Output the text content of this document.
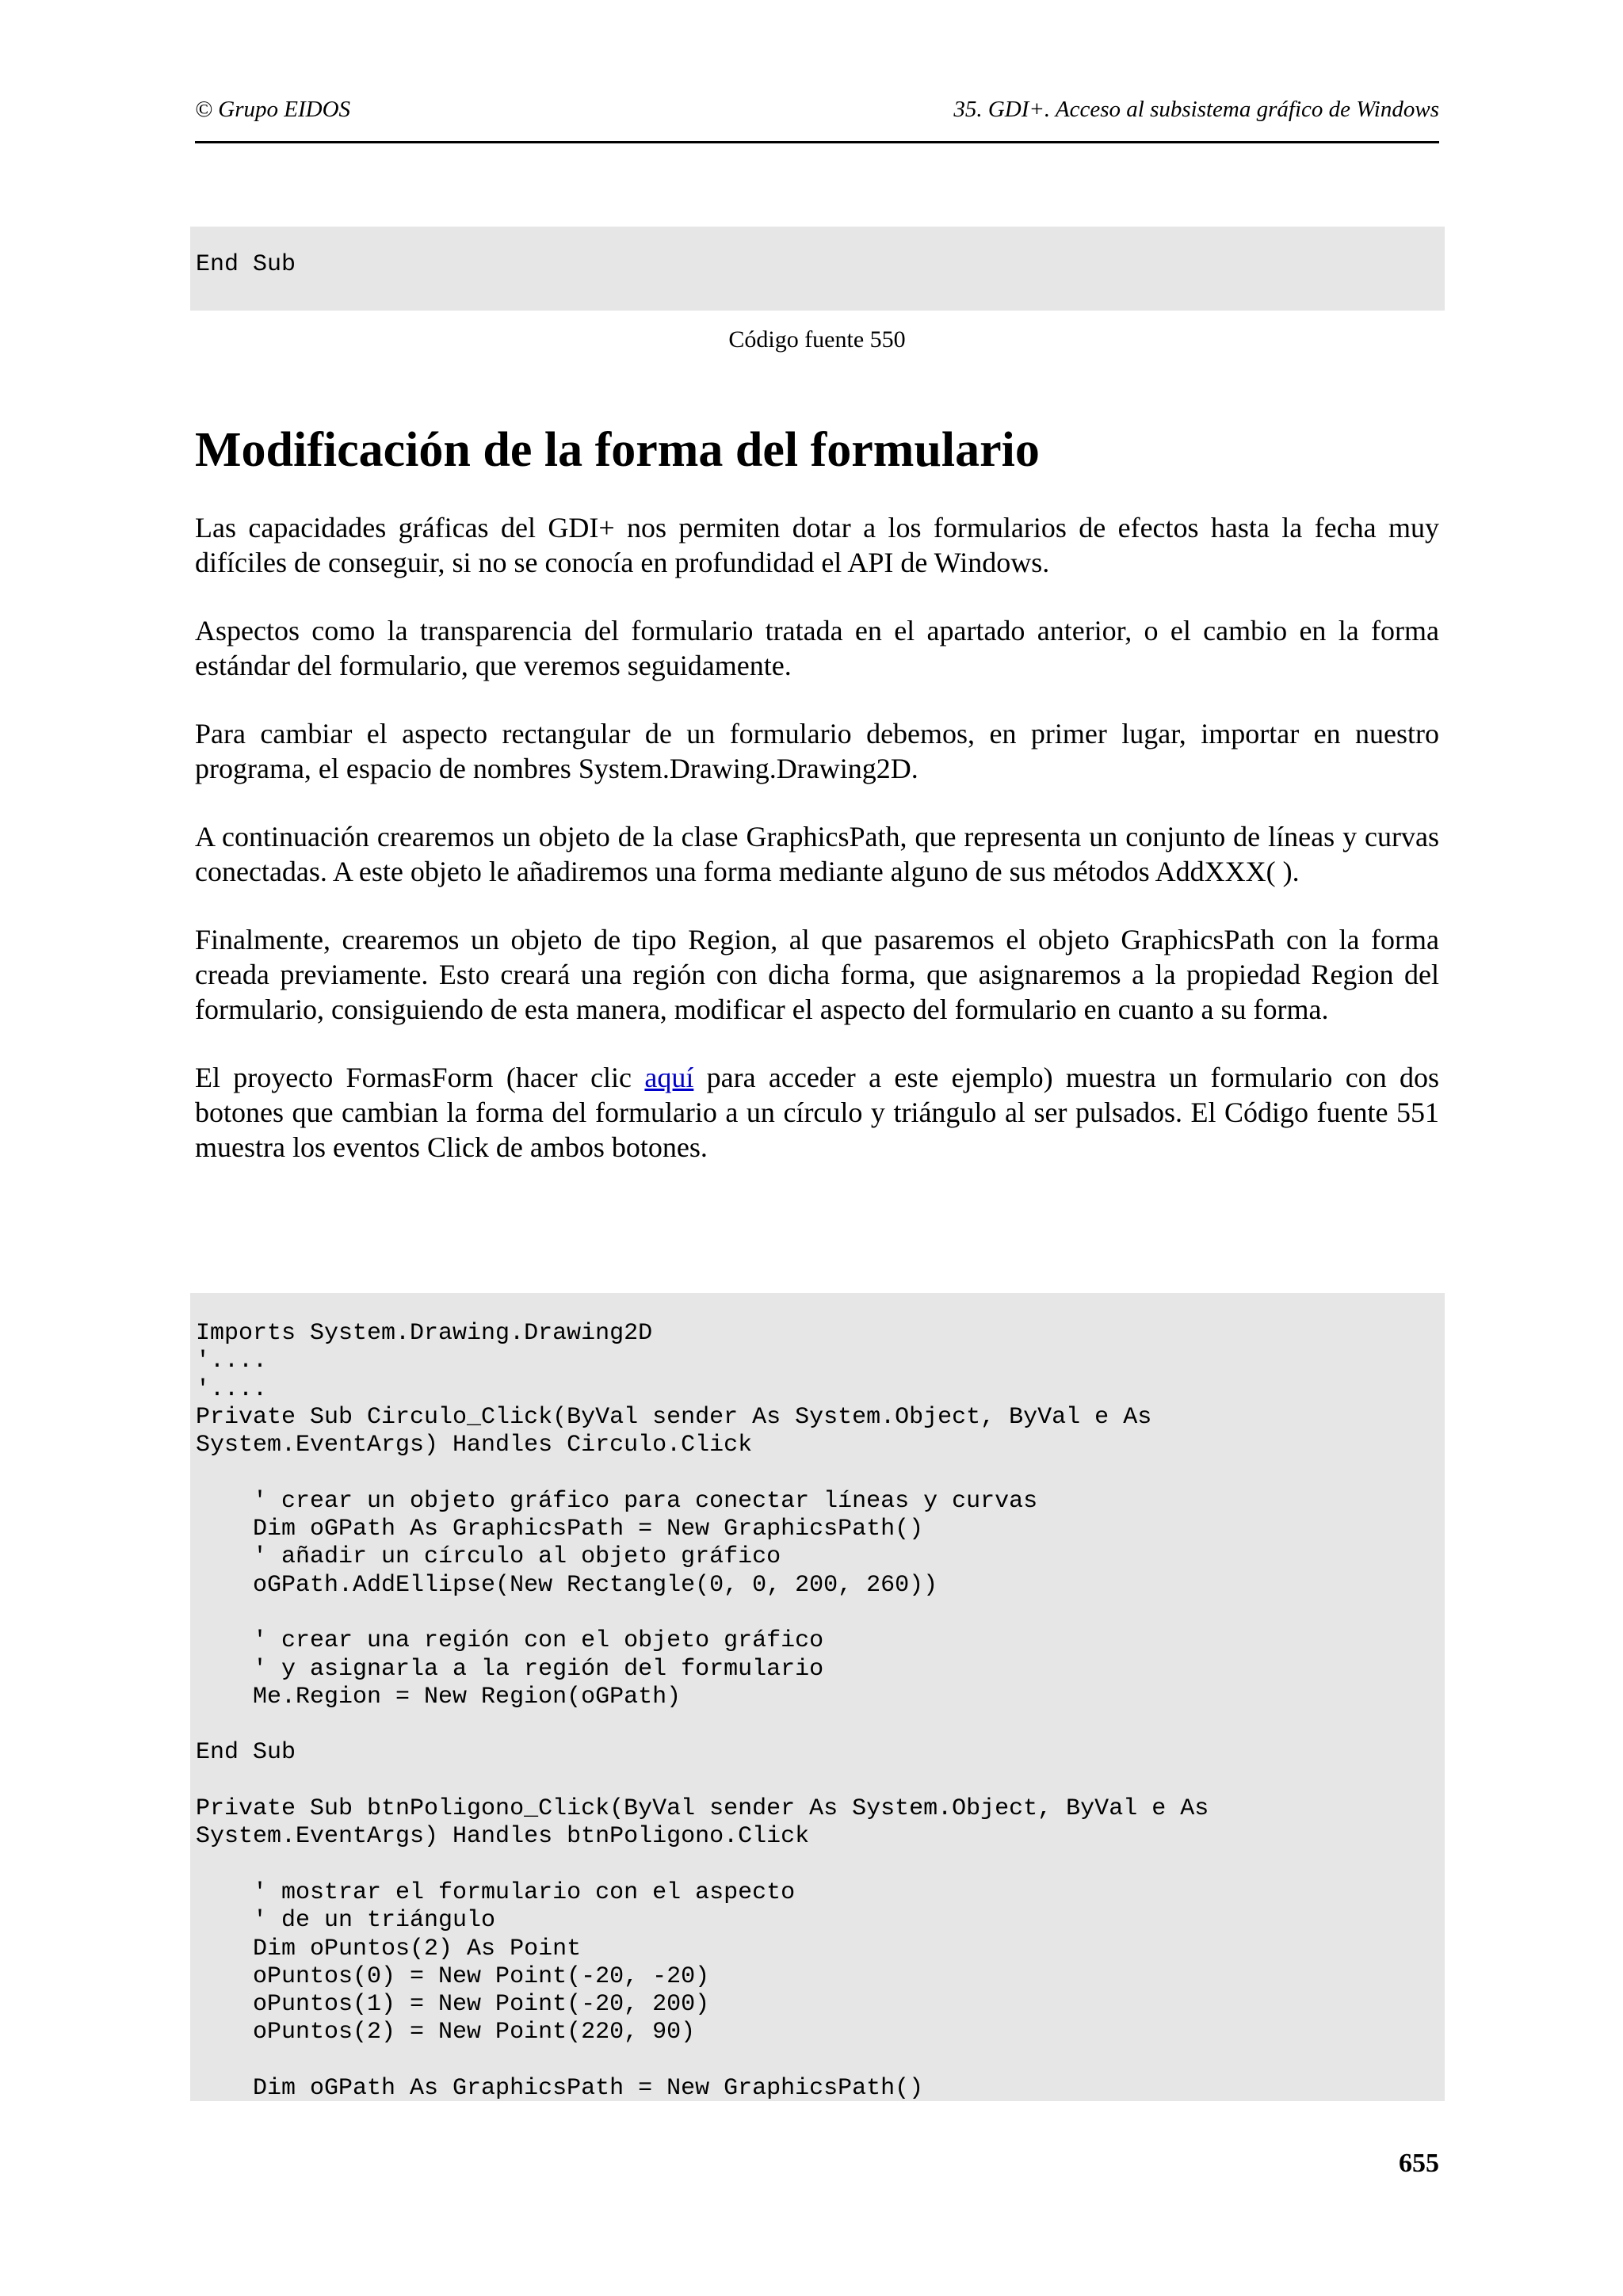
© Grupo EIDOS	35. GDI+. Acceso al subsistema gráfico de Windows
End Sub
Código fuente 550
Modificación de la forma del formulario

Las capacidades gráficas del GDI+ nos permiten dotar a los formularios de efectos hasta la fecha muy difíciles de conseguir, si no se conocía en profundidad el API de Windows.

Aspectos como la transparencia del formulario tratada en el apartado anterior, o el cambio en la forma estándar del formulario, que veremos seguidamente.

Para cambiar el aspecto rectangular de un formulario debemos, en primer lugar, importar en nuestro programa, el espacio de nombres System.Drawing.Drawing2D.

A continuación crearemos un objeto de la clase GraphicsPath, que representa un conjunto de líneas y curvas conectadas. A este objeto le añadiremos una forma mediante alguno de sus métodos AddXXX( ).

Finalmente, crearemos un objeto de tipo Region, al que pasaremos el objeto GraphicsPath con la forma creada previamente. Esto creará una región con dicha forma, que asignaremos a la propiedad Region del formulario, consiguiendo de esta manera, modificar el aspecto del formulario en cuanto a su forma.

El proyecto FormasForm (hacer clic aquí para acceder a este ejemplo) muestra un formulario con dos botones que cambian la forma del formulario a un círculo y triángulo al ser pulsados. El Código fuente 551 muestra los eventos Click de ambos botones.

Imports System.Drawing.Drawing2D
'....
'....
Private Sub Circulo_Click(ByVal sender As System.Object, ByVal e As
System.EventArgs) Handles Circulo.Click

' crear un objeto gráfico para conectar líneas y curvas
Dim oGPath As GraphicsPath = New GraphicsPath()
' añadir un círculo al objeto gráfico
oGPath.AddEllipse(New Rectangle(0, 0, 200, 260))

' crear una región con el objeto gráfico
' y asignarla a la región del formulario
Me.Region = New Region(oGPath)

End Sub

Private Sub btnPoligono_Click(ByVal sender As System.Object, ByVal e As
System.EventArgs) Handles btnPoligono.Click

' mostrar el formulario con el aspecto
' de un triángulo
Dim oPuntos(2) As Point
oPuntos(0) = New Point(-20, -20)
oPuntos(1) = New Point(-20, 200)
oPuntos(2) = New Point(220, 90)

Dim oGPath As GraphicsPath = New GraphicsPath()
655
